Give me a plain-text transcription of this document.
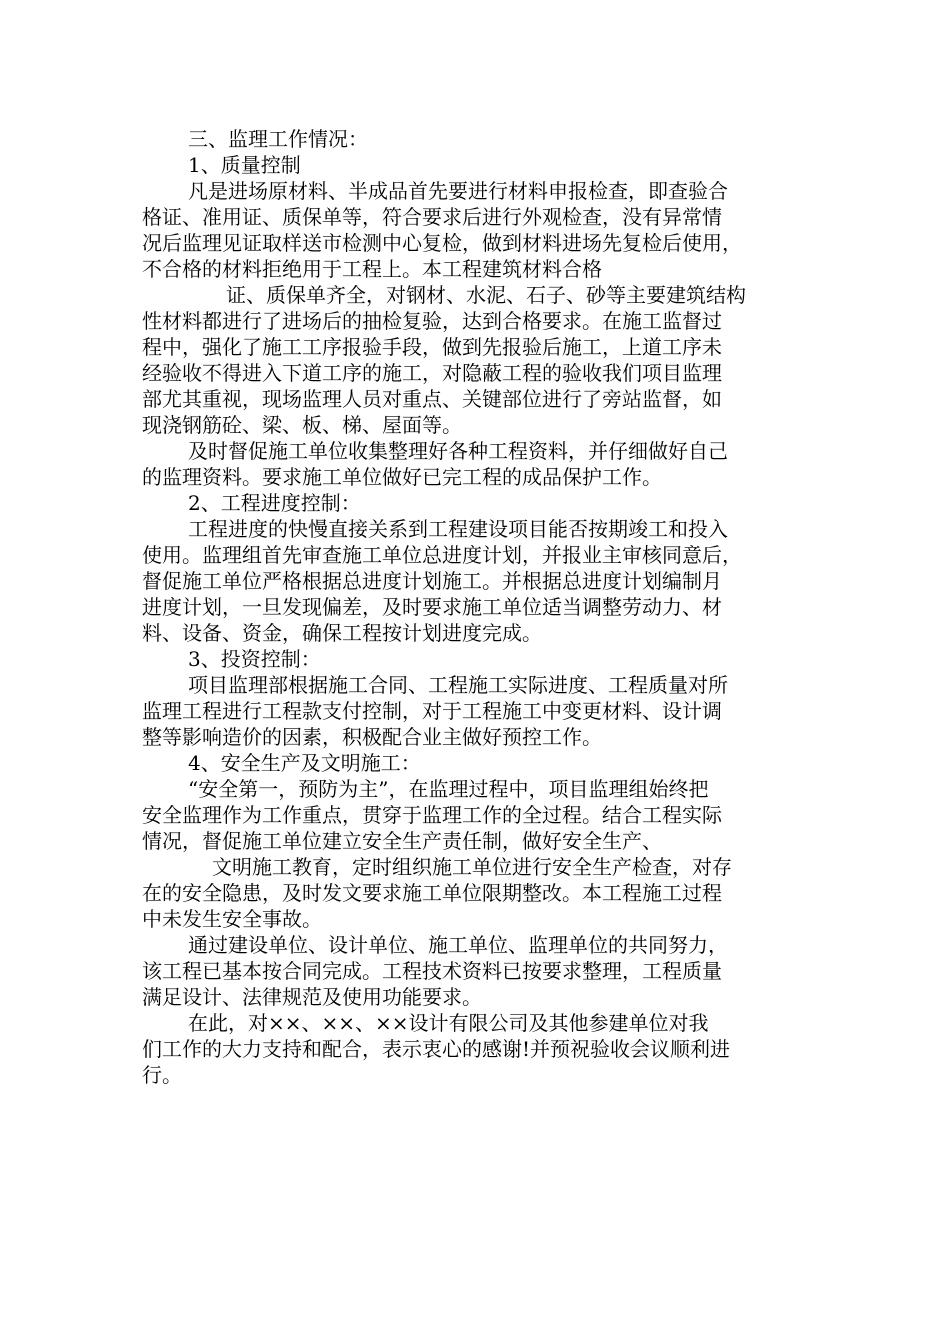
三、监理工作情况：
1、质量控制
凡是进场原材料、半成品首先要进行材料申报检查，即查验合
格证、准用证、质保单等，符合要求后进行外观检查，没有异常情
况后监理见证取样送市检测中心复检，做到材料进场先复检后使用，
不合格的材料拒绝用于工程上。本工程建筑材料合格
证、质保单齐全，对钢材、水泥、石子、砂等主要建筑结构
性材料都进行了进场后的抽检复验，达到合格要求。在施工监督过
程中，强化了施工工序报验手段，做到先报验后施工，上道工序未
经验收不得进入下道工序的施工，对隐蔽工程的验收我们项目监理
部尤其重视，现场监理人员对重点、关键部位进行了旁站监督，如
现浇钢筋砼、梁、板、梯、屋面等。
及时督促施工单位收集整理好各种工程资料，并仔细做好自己
的监理资料。要求施工单位做好已完工程的成品保护工作。
2、工程进度控制：
工程进度的快慢直接关系到工程建设项目能否按期竣工和投入
使用。监理组首先审查施工单位总进度计划，并报业主审核同意后，
督促施工单位严格根据总进度计划施工。并根据总进度计划编制月
进度计划，一旦发现偏差，及时要求施工单位适当调整劳动力、材
料、设备、资金，确保工程按计划进度完成。
3、投资控制：
项目监理部根据施工合同、工程施工实际进度、工程质量对所
监理工程进行工程款支付控制，对于工程施工中变更材料、设计调
整等影响造价的因素，积极配合业主做好预控工作。
4、安全生产及文明施工：
“安全第一，预防为主”，在监理过程中，项目监理组始终把
安全监理作为工作重点，贯穿于监理工作的全过程。结合工程实际
情况，督促施工单位建立安全生产责任制，做好安全生产、
文明施工教育，定时组织施工单位进行安全生产检查，对存
在的安全隐患，及时发文要求施工单位限期整改。本工程施工过程
中未发生安全事故。
通过建设单位、设计单位、施工单位、监理单位的共同努力，
该工程已基本按合同完成。工程技术资料已按要求整理，工程质量
满足设计、法律规范及使用功能要求。
在此，对××、××、××设计有限公司及其他参建单位对我
们工作的大力支持和配合，表示衷心的感谢!并预祝验收会议顺利进
行。
